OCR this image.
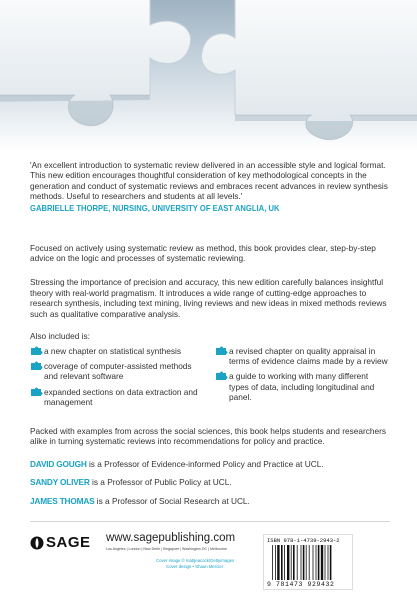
'An excellent introduction to systematic review delivered in an accessible style and logical format. This new edition encourages thoughtful consideration of key methodological concepts in the generation and conduct of systematic reviews and embraces recent advances in review synthesis methods. Useful to researchers and students at all levels.'

GABRIELLE THORPE, NURSING, UNIVERSITY OF EAST ANGLIA, UK

Focused on actively using systematic review as method, this book provides clear, step-by-step advice on the logic and processes of systematic reviewing.

Stressing the importance of precision and accuracy, this new edition carefully balances insightful theory with real-world pragmatism. It introduces a wide range of cutting-edge approaches to research synthesis, including text mining, living reviews and new ideas in mixed methods reviews such as qualitative comparative analysis.

Also included is:

a new chapter on statistical synthesis
coverage of computer-assisted methods and relevant software
expanded sections on data extraction and management
a revised chapter on quality appraisal in terms of evidence claims made by a review
a guide to working with many different types of data, including longitudinal and panel.

Packed with examples from across the social sciences, this book helps students and researchers alike in turning systematic reviews into recommendations for policy and practice.

DAVID GOUGH is a Professor of Evidence-informed Policy and Practice at UCL.

SANDY OLIVER is a Professor of Public Policy at UCL.

JAMES THOMAS is a Professor of Social Research at UCL.

SAGE www.sagepublishing.com
Los Angeles | London | New Delhi | Singapore | Washington DC | Melbourne
Cover image © mattjeacock/Gettyimages
Cover design • Shaun Mercier
ISBN 978-1-4739-2943-2
9 781473 929432
